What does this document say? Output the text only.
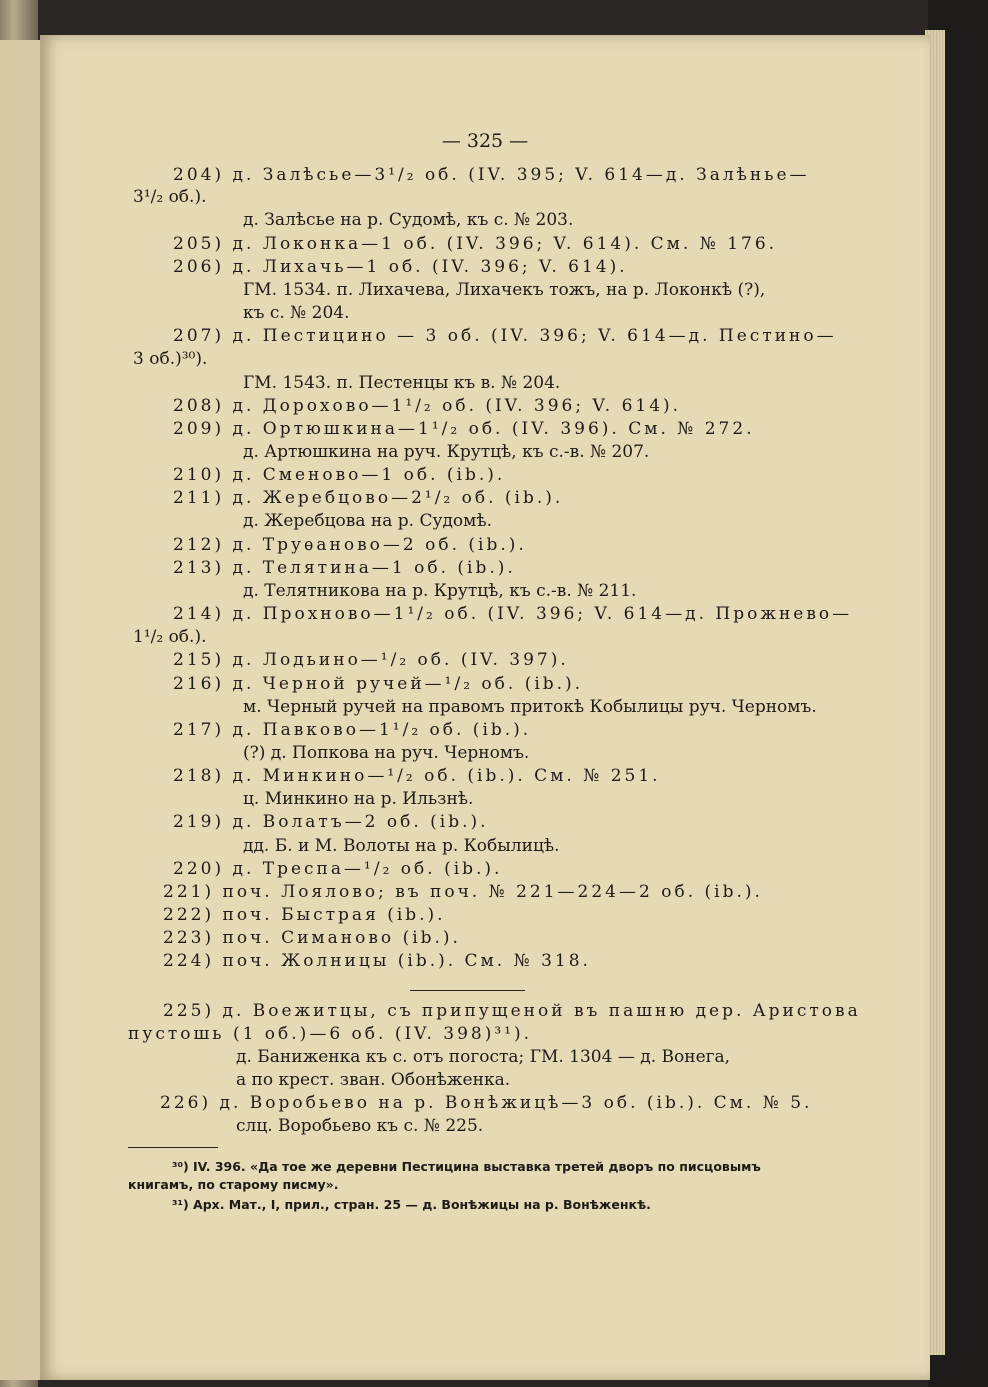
— 325 —
204) д. Залѣсье—3¹/₂ об. (IV. 395; V. 614—д. Залѣнье—
3¹/₂ об.).
д. Залѣсье на р. Судомѣ, къ с. № 203.
205) д. Локонка—1 об. (IV. 396; V. 614). См. № 176.
206) д. Лихачь—1 об. (IV. 396; V. 614).
ГМ. 1534. п. Лихачева, Лихачекъ тожъ, на р. Локонкѣ (?),
къ с. № 204.
207) д. Пестицино — 3 об. (IV. 396; V. 614—д. Пестино—
3 об.)³⁰).
ГМ. 1543. п. Пестенцы къ в. № 204.
208) д. Дорохово—1¹/₂ об. (IV. 396; V. 614).
209) д. Ортюшкина—1¹/₂ об. (IV. 396). См. № 272.
д. Артюшкина на руч. Крутцѣ, къ с.-в. № 207.
210) д. Сменово—1 об. (ib.).
211) д. Жеребцово—2¹/₂ об. (ib.).
д. Жеребцова на р. Судомѣ.
212) д. Труѳаново—2 об. (ib.).
213) д. Телятина—1 об. (ib.).
д. Телятникова на р. Крутцѣ, къ с.-в. № 211.
214) д. Прохново—1¹/₂ об. (IV. 396; V. 614—д. Прожнево—
1¹/₂ об.).
215) д. Лодьино—¹/₂ об. (IV. 397).
216) д. Черной ручей—¹/₂ об. (ib.).
м. Черный ручей на правомъ притокѣ Кобылицы руч. Черномъ.
217) д. Павково—1¹/₂ об. (ib.).
(?) д. Попкова на руч. Черномъ.
218) д. Минкино—¹/₂ об. (ib.). См. № 251.
ц. Минкино на р. Ильзнѣ.
219) д. Волатъ—2 об. (ib.).
дд. Б. и М. Волоты на р. Кобылицѣ.
220) д. Треспа—¹/₂ об. (ib.).
221) поч. Лоялово; въ поч. № 221—224—2 об. (ib.).
222) поч. Быстрая (ib.).
223) поч. Симаново (ib.).
224) поч. Жолницы (ib.). См. № 318.
225) д. Воежитцы, съ припущеной въ пашню дер. Аристова
пустошь (1 об.)—6 об. (IV. 398)³¹).
д. Баниженка къ с. отъ погоста; ГМ. 1304 — д. Вонега,
а по крест. зван. Обонѣженка.
226) д. Воробьево на р. Вонѣжицѣ—3 об. (ib.). См. № 5.
слц. Воробьево къ с. № 225.
³⁰) IV. 396. «Да тое же деревни Пестицина выставка третей дворъ по писцовымъ
книгамъ, по старому писму».
³¹) Арх. Мат., I, прил., стран. 25 — д. Вонѣжицы на р. Вонѣженкѣ.
